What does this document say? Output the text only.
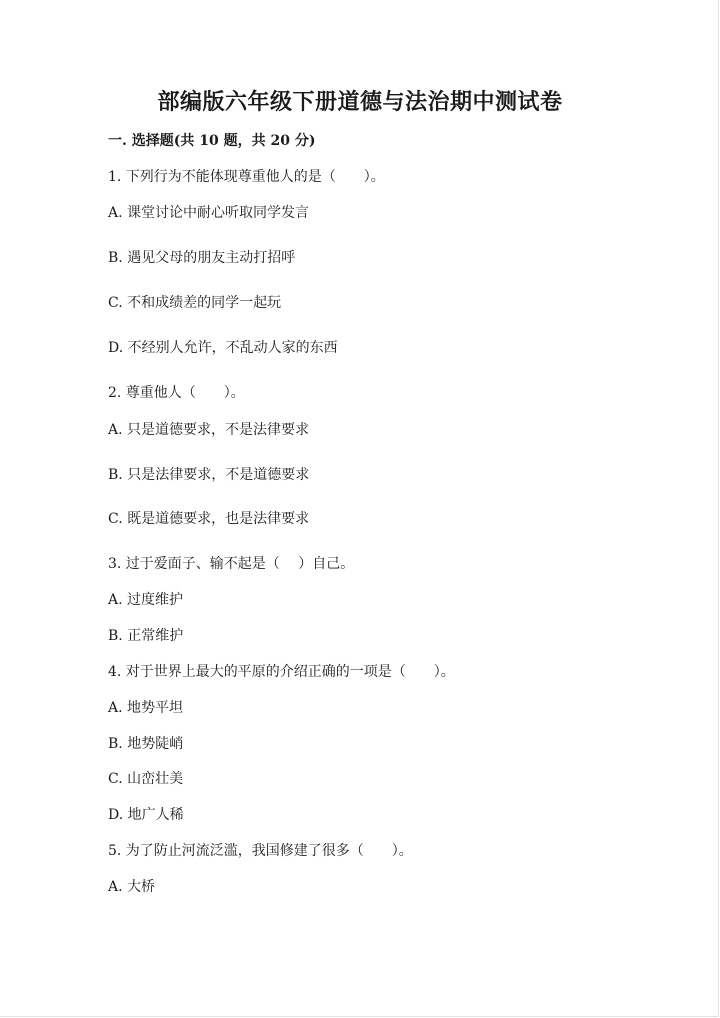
部编版六年级下册道德与法治期中测试卷
一. 选择题(共 10 题，共 20 分)
1. 下列行为不能体现尊重他人的是（　　）。
A. 课堂讨论中耐心听取同学发言
B. 遇见父母的朋友主动打招呼
C. 不和成绩差的同学一起玩
D. 不经别人允许，不乱动人家的东西
2. 尊重他人（　　）。
A. 只是道德要求，不是法律要求
B. 只是法律要求，不是道德要求
C. 既是道德要求，也是法律要求
3. 过于爱面子、输不起是（　 ）自己。
A. 过度维护
B. 正常维护
4. 对于世界上最大的平原的介绍正确的一项是（　　）。
A. 地势平坦
B. 地势陡峭
C. 山峦壮美
D. 地广人稀
5. 为了防止河流泛滥，我国修建了很多（　　）。
A. 大桥
